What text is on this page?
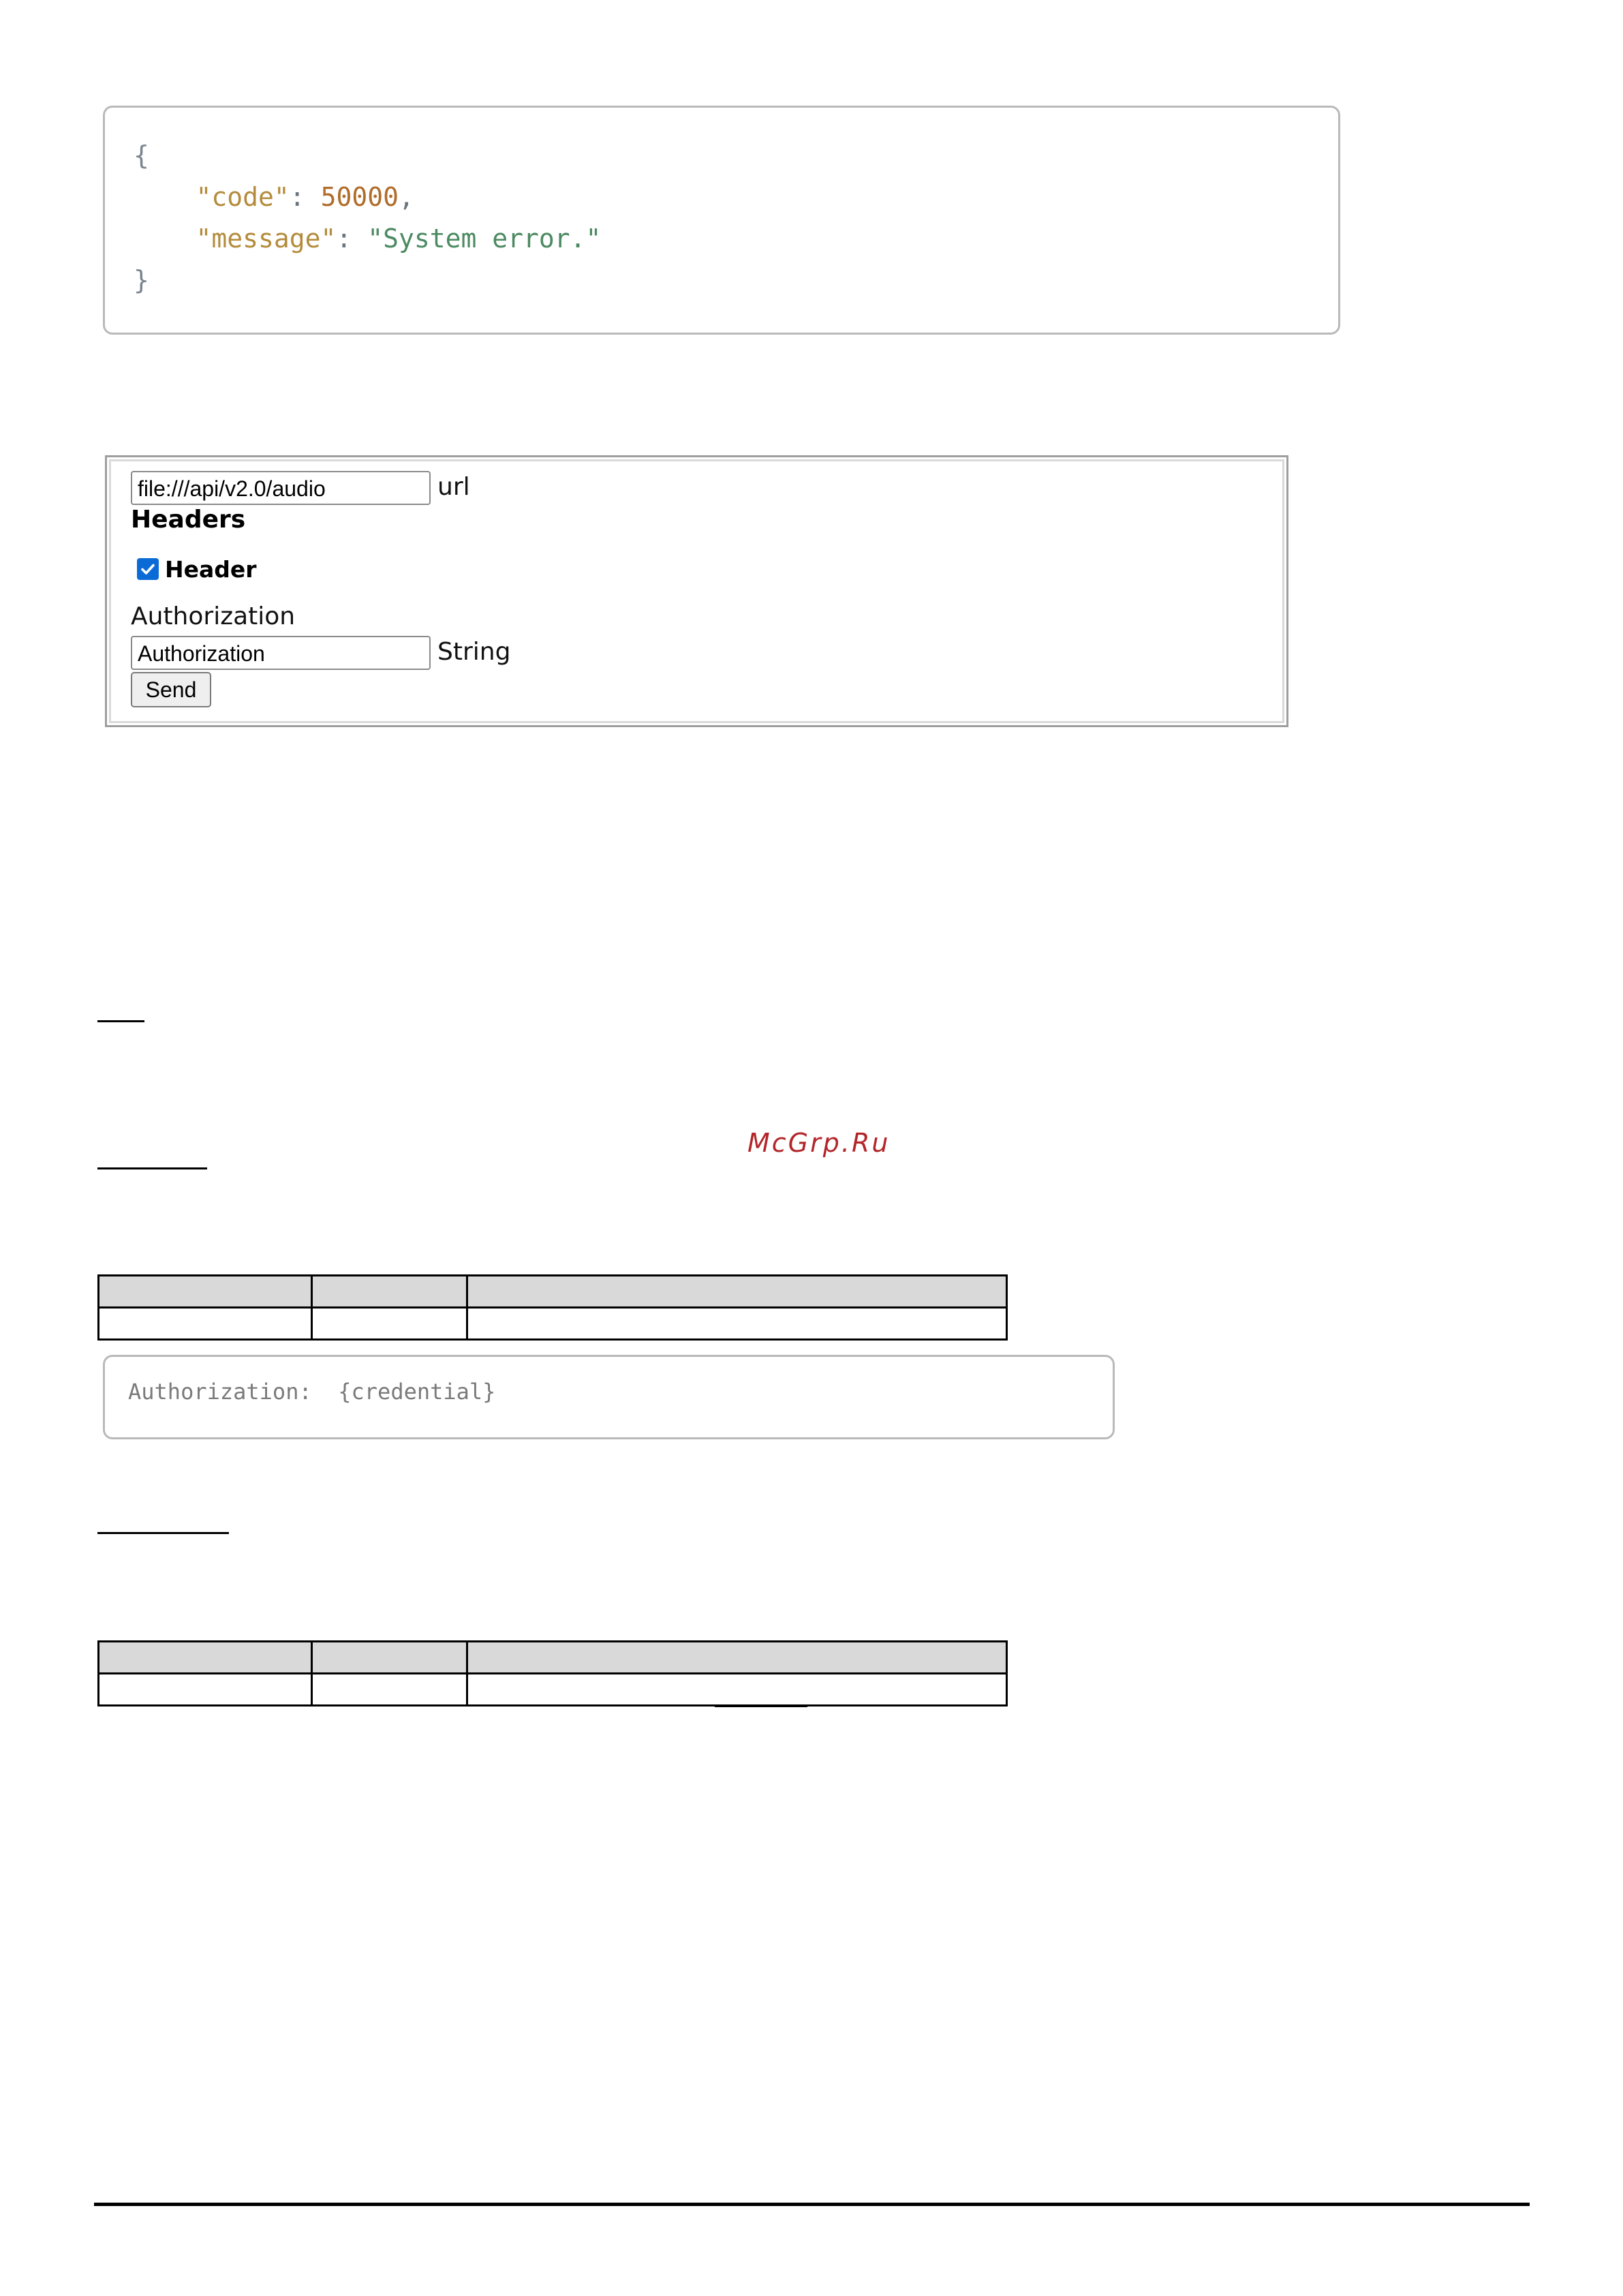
{
"code": 50000,
"message": "System error."
}
file:///api/v2.0/audio
url
Headers
Header
Authorization
Authorization
String
Send
McGrp.Ru

Authorization:  {credential}
